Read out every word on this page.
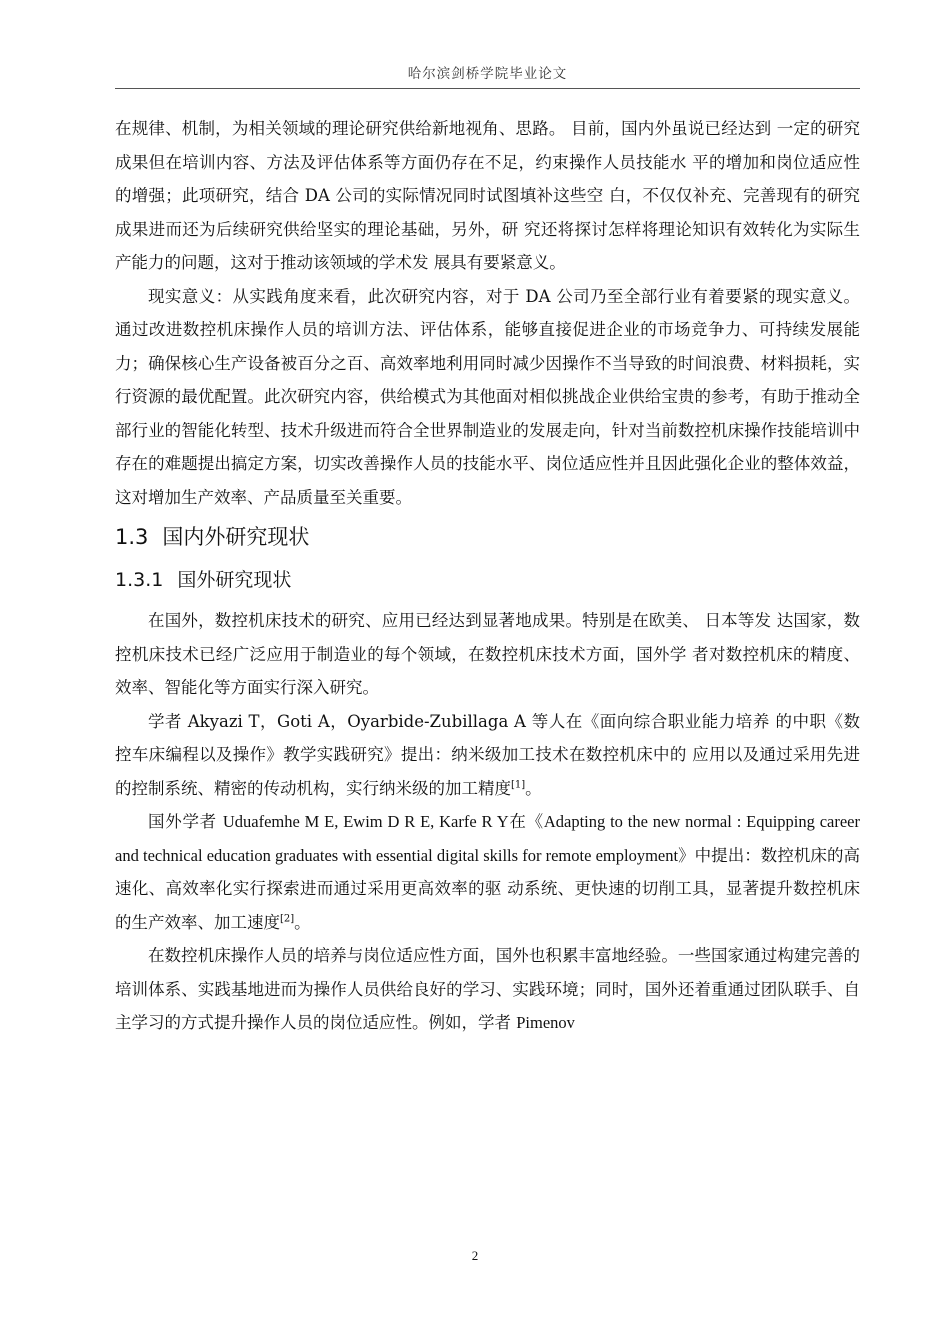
哈尔滨剑桥学院毕业论文

在规律、机制，为相关领域的理论研究供给新地视角、思路。 目前，国内外虽说已经达到 一定的研究成果但在培训内容、方法及评估体系等方面仍存在不足，约束操作人员技能水 平的增加和岗位适应性的增强；此项研究，结合 DA 公司的实际情况同时试图填补这些空 白，不仅仅补充、完善现有的研究成果进而还为后续研究供给坚实的理论基础，另外，研 究还将探讨怎样将理论知识有效转化为实际生产能力的问题，这对于推动该领域的学术发 展具有要紧意义。

现实意义：从实践角度来看，此次研究内容，对于 DA 公司乃至全部行业有着要紧的现实意义。通过改进数控机床操作人员的培训方法、评估体系，能够直接促进企业的市场竞争力、可持续发展能力；确保核心生产设备被百分之百、高效率地利用同时减少因操作不当导致的时间浪费、材料损耗，实行资源的最优配置。此次研究内容，供给模式为其他面对相似挑战企业供给宝贵的参考，有助于推动全部行业的智能化转型、技术升级进而符合全世界制造业的发展走向，针对当前数控机床操作技能培训中存在的难题提出搞定方案，切实改善操作人员的技能水平、岗位适应性并且因此强化企业的整体效益，这对增加生产效率、产品质量至关重要。

1.3 国内外研究现状
1.3.1 国外研究现状

在国外，数控机床技术的研究、应用已经达到显著地成果。特别是在欧美、 日本等发 达国家，数控机床技术已经广泛应用于制造业的每个领域，在数控机床技术方面，国外学 者对数控机床的精度、效率、智能化等方面实行深入研究。

学者 Akyazi T，Goti A，Oyarbide-Zubillaga A 等人在《面向综合职业能力培养 的中职《数控车床编程以及操作》教学实践研究》提出：纳米级加工技术在数控机床中的 应用以及通过采用先进的控制系统、精密的传动机构，实行纳米级的加工精度[1]。

国外学者 Uduafemhe M E, Ewim D R E, Karfe R Y在《Adapting to the new normal : Equipping career and technical education graduates with essential digital skills for remote employment》中提出：数控机床的高速化、高效率化实行探索进而通过采用更高效率的驱 动系统、更快速的切削工具，显著提升数控机床的生产效率、加工速度[2]。

在数控机床操作人员的培养与岗位适应性方面，国外也积累丰富地经验。一些国家通过构建完善的培训体系、实践基地进而为操作人员供给良好的学习、实践环境；同时，国外还着重通过团队联手、自主学习的方式提升操作人员的岗位适应性。例如，学者 Pimenov

2
